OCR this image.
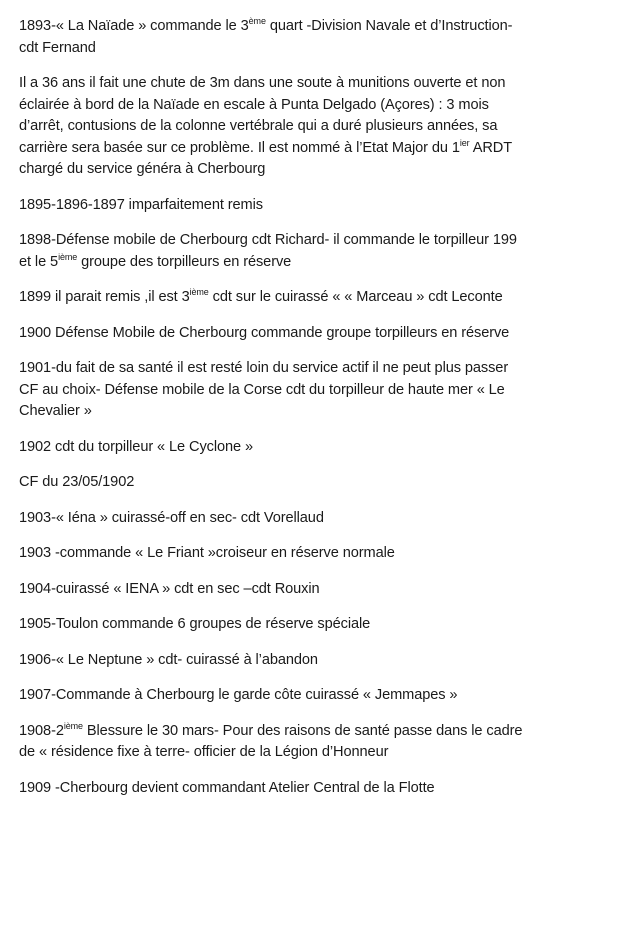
1893-« La Naïade » commande le 3ème quart -Division Navale et d’Instruction-
cdt Fernand

Il a 36 ans il fait une chute de 3m dans une soute à munitions ouverte et non
éclairée à bord de la Naïade en escale à Punta Delgado (Açores) : 3 mois
d’arrêt, contusions de la colonne vertébrale qui a duré plusieurs années, sa
carrière sera basée sur ce problème. Il est nommé à l’Etat Major du $1^{ier}$ ARDT
chargé du service généra à Cherbourg

1895-1896-1897 imparfaitement remis

1898-Défense mobile de Cherbourg cdt Richard- il commande le torpilleur 199
et le 5ième groupe des torpilleurs en réserve

1899 il parait remis ,il est 3ième cdt sur le cuirassé « « Marceau » cdt Leconte

1900 Défense Mobile de Cherbourg commande groupe torpilleurs en réserve

1901-du fait de sa santé il est resté loin du service actif il ne peut plus passer
CF au choix- Défense mobile de la Corse cdt du torpilleur de haute mer « Le
Chevalier »

1902 cdt du torpilleur « Le Cyclone »

CF du 23/05/1902

1903-« Iéna » cuirassé-off en sec- cdt Vorellaud

1903 -commande « Le Friant »croiseur en réserve normale

1904-cuirassé « IENA » cdt en sec –cdt Rouxin

1905-Toulon commande 6 groupes de réserve spéciale

1906-« Le Neptune » cdt- cuirassé à l’abandon

1907-Commande à Cherbourg le garde côte cuirassé « Jemmapes »

1908-2ième Blessure le 30 mars- Pour des raisons de santé passe dans le cadre
de « résidence fixe à terre- officier de la Légion d’Honneur

1909 -Cherbourg devient commandant Atelier Central de la Flotte
